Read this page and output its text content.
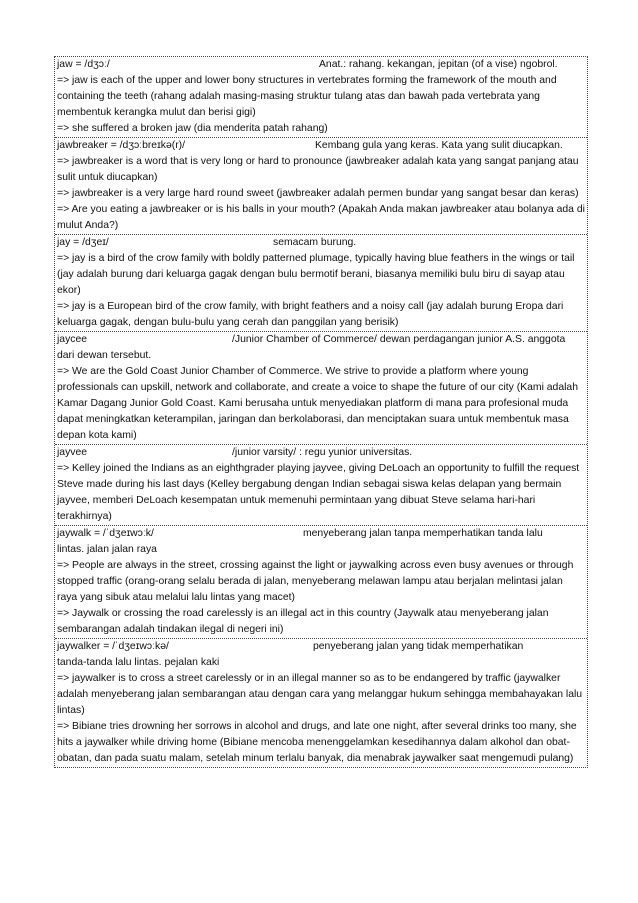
jaw = /dʒɔː/	Anat.: rahang. kekangan, jepitan (of a vise) ngobrol.
=> jaw is each of the upper and lower bony structures in vertebrates forming the framework of the mouth and containing the teeth (rahang adalah masing-masing struktur tulang atas dan bawah pada vertebrata yang membentuk kerangka mulut dan berisi gigi)
=> she suffered a broken jaw (dia menderita patah rahang)
jawbreaker = /dʒɔːbreɪkə(r)/	Kembang gula yang keras. Kata yang sulit diucapkan.
=> jawbreaker is a word that is very long or hard to pronounce (jawbreaker adalah kata yang sangat panjang atau sulit untuk diucapkan)
=> jawbreaker is a very large hard round sweet (jawbreaker adalah permen bundar yang sangat besar dan keras)
=> Are you eating a jawbreaker or is his balls in your mouth? (Apakah Anda makan jawbreaker atau bolanya ada di mulut Anda?)
jay = /dʒeɪ/	semacam burung.
=> jay is a bird of the crow family with boldly patterned plumage, typically having blue feathers in the wings or tail (jay adalah burung dari keluarga gagak dengan bulu bermotif berani, biasanya memiliki bulu biru di sayap atau ekor)
=> jay is a European bird of the crow family, with bright feathers and a noisy call (jay adalah burung Eropa dari keluarga gagak, dengan bulu-bulu yang cerah dan panggilan yang berisik)
jaycee	/Junior Chamber of Commerce/ dewan perdagangan junior A.S. anggota
dari dewan tersebut.
=> We are the Gold Coast Junior Chamber of Commerce. We strive to provide a platform where young professionals can upskill, network and collaborate, and create a voice to shape the future of our city (Kami adalah Kamar Dagang Junior Gold Coast. Kami berusaha untuk menyediakan platform di mana para profesional muda dapat meningkatkan keterampilan, jaringan dan berkolaborasi, dan menciptakan suara untuk membentuk masa depan kota kami)
jayvee	/junior varsity/ : regu yunior universitas.
=> Kelley joined the Indians as an eighthgrader playing jayvee, giving DeLoach an opportunity to fulfill the request Steve made during his last days (Kelley bergabung dengan Indian sebagai siswa kelas delapan yang bermain jayvee, memberi DeLoach kesempatan untuk memenuhi permintaan yang dibuat Steve selama hari-hari terakhirnya)
jaywalk = /ˈdʒeɪwɔːk/	menyeberang jalan tanpa memperhatikan tanda lalu
lintas. jalan jalan raya
=> People are always in the street, crossing against the light or jaywalking across even busy avenues or through stopped traffic (orang-orang selalu berada di jalan, menyeberang melawan lampu atau berjalan melintasi jalan raya yang sibuk atau melalui lalu lintas yang macet)
=> Jaywalk or crossing the road carelessly is an illegal act in this country (Jaywalk atau menyeberang jalan sembarangan adalah tindakan ilegal di negeri ini)
jaywalker = /ˈdʒeɪwɔːkə/	penyeberang jalan yang tidak memperhatikan
tanda-tanda lalu lintas. pejalan kaki
=> jaywalker is to cross a street carelessly or in an illegal manner so as to be endangered by traffic (jaywalker adalah menyeberang jalan sembarangan atau dengan cara yang melanggar hukum sehingga membahayakan lalu lintas)
=> Bibiane tries drowning her sorrows in alcohol and drugs, and late one night, after several drinks too many, she hits a jaywalker while driving home (Bibiane mencoba menenggelamkan kesedihannya dalam alkohol dan obat-obatan, dan pada suatu malam, setelah minum terlalu banyak, dia menabrak jaywalker saat mengemudi pulang)
